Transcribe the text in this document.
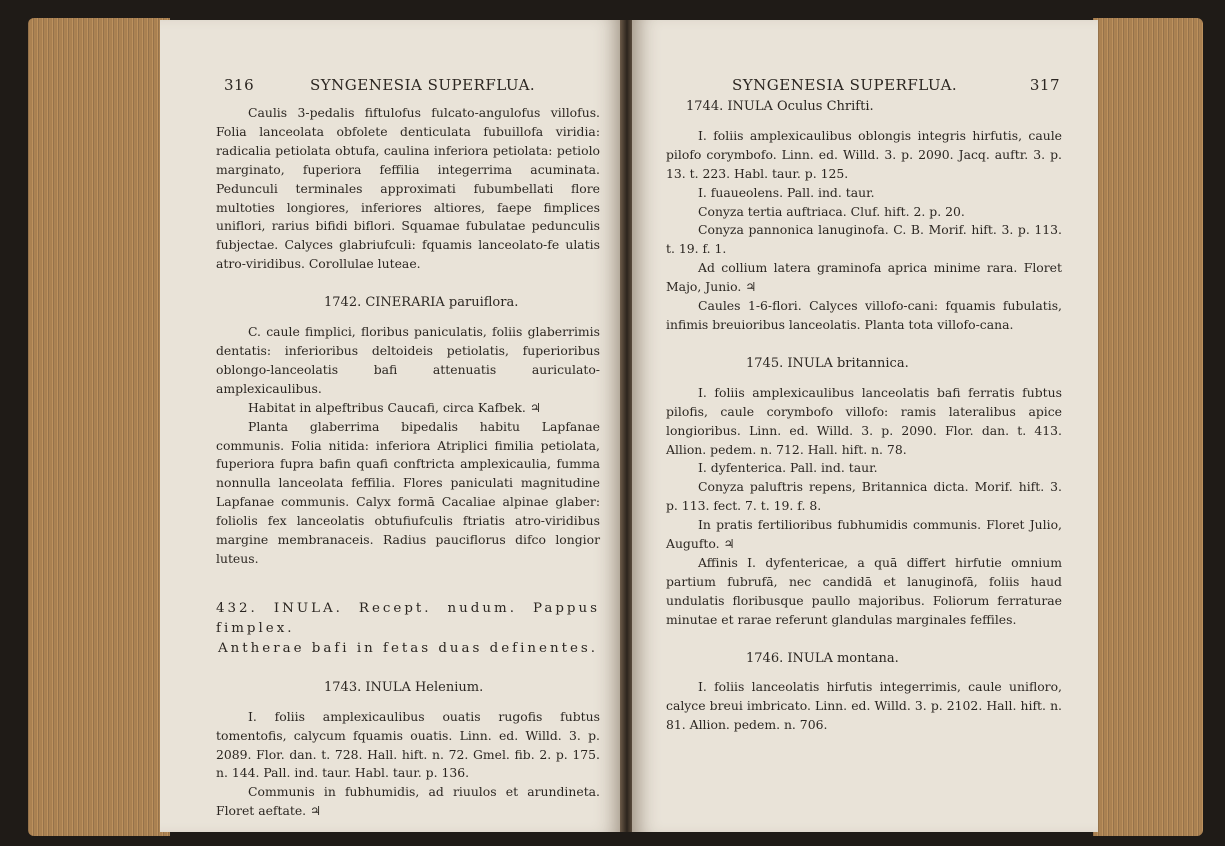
316	SYNGENESIA SUPERFLUA.

Caulis 3-pedalis fiftulofus fulcato-angulofus villofus. Folia lanceolata obfolete denticulata fubuillofa viridia: radicalia petiolata obtufa, caulina inferiora petiolata: petiolo marginato, fuperiora feffilia integerrima acuminata. Pedunculi terminales approximati fubumbellati flore multoties longiores, inferiores altiores, faepe fimplices uniflori, rarius bifidi biflori. Squamae fubulatae pedunculis fubjectae. Calyces glabriufculi: fquamis lanceolato-fe ulatis atro-viridibus. Corollulae luteae.

1742. CINERARIA paruiflora.

C. caule fimplici, floribus paniculatis, foliis glaberrimis dentatis: inferioribus deltoideis petiolatis, fuperioribus oblongo-lanceolatis bafi attenuatis auriculato-amplexicaulibus.

Habitat in alpeftribus Caucafi, circa Kafbek. ♃

Planta glaberrima bipedalis habitu Lapfanae communis. Folia nitida: inferiora Atriplici fimilia petiolata, fuperiora fupra bafin quafi conftricta amplexicaulia, fumma nonnulla lanceolata feffilia. Flores paniculati magnitudine Lapfanae communis. Calyx formā Cacaliae alpinae glaber: foliolis fex lanceolatis obtufiufculis ftriatis atro-viridibus margine membranaceis. Radius pauciflorus difco longior luteus.

432. INULA. Recept. nudum. Pappus fimplex.
Antherae bafi in fetas duas definentes.

1743. INULA Helenium.

I. foliis amplexicaulibus ouatis rugofis fubtus tomentofis, calycum fquamis ouatis. Linn. ed. Willd. 3. p. 2089. Flor. dan. t. 728. Hall. hift. n. 72. Gmel. fib. 2. p. 175. n. 144. Pall. ind. taur. Habl. taur. p. 136.

Communis in fubhumidis, ad riuulos et arundineta. Floret aeftate. ♃

SYNGENESIA SUPERFLUA.	317

1744. INULA Oculus Chrifti.

I. foliis amplexicaulibus oblongis integris hirfutis, caule pilofo corymbofo. Linn. ed. Willd. 3. p. 2090. Jacq. auftr. 3. p. 13. t. 223. Habl. taur. p. 125.

I. fuaueolens. Pall. ind. taur.

Conyza tertia auftriaca. Cluf. hift. 2. p. 20.

Conyza pannonica lanuginofa. C. B. Morif. hift. 3. p. 113. t. 19. f. 1.

Ad collium latera graminofa aprica minime rara. Floret Majo, Junio. ♃

Caules 1-6-flori. Calyces villofo-cani: fquamis fubulatis, infimis breuioribus lanceolatis. Planta tota villofo-cana.

1745. INULA britannica.

I. foliis amplexicaulibus lanceolatis bafi ferratis fubtus pilofis, caule corymbofo villofo: ramis lateralibus apice longioribus. Linn. ed. Willd. 3. p. 2090. Flor. dan. t. 413. Allion. pedem. n. 712. Hall. hift. n. 78.

I. dyfenterica. Pall. ind. taur.

Conyza paluftris repens, Britannica dicta. Morif. hift. 3. p. 113. fect. 7. t. 19. f. 8.

In pratis fertilioribus fubhumidis communis. Floret Julio, Augufto. ♃

Affinis I. dyfentericae, a quā differt hirfutie omnium partium fubrufā, nec candidā et lanuginofā, foliis haud undulatis floribusque paullo majoribus. Foliorum ferraturae minutae et rarae referunt glandulas marginales feffiles.

1746. INULA montana.

I. foliis lanceolatis hirfutis integerrimis, caule unifloro, calyce breui imbricato. Linn. ed. Willd. 3. p. 2102. Hall. hift. n. 81. Allion. pedem. n. 706.
